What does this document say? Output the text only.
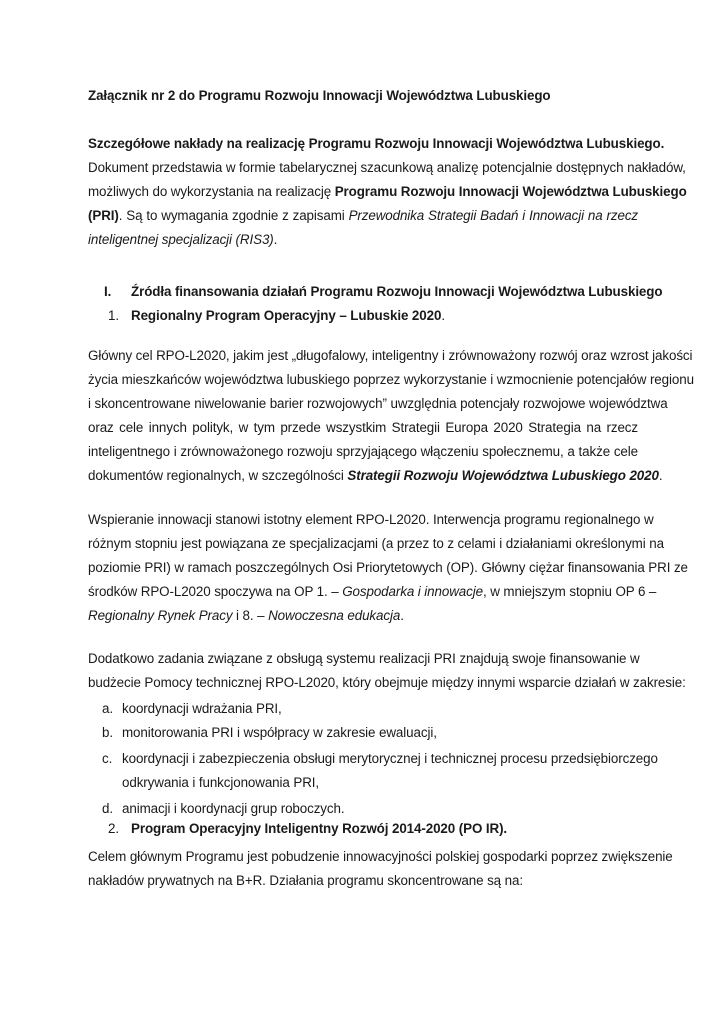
Załącznik nr 2 do Programu Rozwoju Innowacji Województwa Lubuskiego
Szczegółowe nakłady na realizację Programu Rozwoju Innowacji Województwa Lubuskiego.
Dokument przedstawia w formie tabelarycznej szacunkową analizę potencjalnie dostępnych nakładów,
możliwych do wykorzystania na realizację Programu Rozwoju Innowacji Województwa Lubuskiego
(PRI). Są to wymagania zgodnie z zapisami Przewodnika Strategii Badań i Innowacji na rzecz
inteligentnej specjalizacji (RIS3).
I. Źródła finansowania działań Programu Rozwoju Innowacji Województwa Lubuskiego
1. Regionalny Program Operacyjny – Lubuskie 2020.
Główny cel RPO-L2020, jakim jest „długofalowy, inteligentny i zrównoważony rozwój oraz wzrost jakości
życia mieszkańców województwa lubuskiego poprzez wykorzystanie i wzmocnienie potencjałów regionu
i skoncentrowane niwelowanie barier rozwojowych” uwzględnia potencjały rozwojowe województwa
oraz cele innych polityk, w tym przede wszystkim Strategii Europa 2020 Strategia na rzecz
inteligentnego i zrównoważonego rozwoju sprzyjającego włączeniu społecznemu, a także cele
dokumentów regionalnych, w szczególności Strategii Rozwoju Województwa Lubuskiego 2020.
Wspieranie innowacji stanowi istotny element RPO-L2020. Interwencja programu regionalnego w
różnym stopniu jest powiązana ze specjalizacjami (a przez to z celami i działaniami określonymi na
poziomie PRI) w ramach poszczególnych Osi Priorytetowych (OP). Główny ciężar finansowania PRI ze
środków RPO-L2020 spoczywa na OP 1. – Gospodarka i innowacje, w mniejszym stopniu OP 6 –
Regionalny Rynek Pracy i 8. – Nowoczesna edukacja.
Dodatkowo zadania związane z obsługą systemu realizacji PRI znajdują swoje finansowanie w
budżecie Pomocy technicznej RPO-L2020, który obejmuje między innymi wsparcie działań w zakresie:
a. koordynacji wdrażania PRI,
b. monitorowania PRI i współpracy w zakresie ewaluacji,
c. koordynacji i zabezpieczenia obsługi merytorycznej i technicznej procesu przedsiębiorczego
odkrywania i funkcjonowania PRI,
d. animacji i koordynacji grup roboczych.
2. Program Operacyjny Inteligentny Rozwój 2014-2020 (PO IR).
Celem głównym Programu jest pobudzenie innowacyjności polskiej gospodarki poprzez zwiększenie
nakładów prywatnych na B+R. Działania programu skoncentrowane są na:
